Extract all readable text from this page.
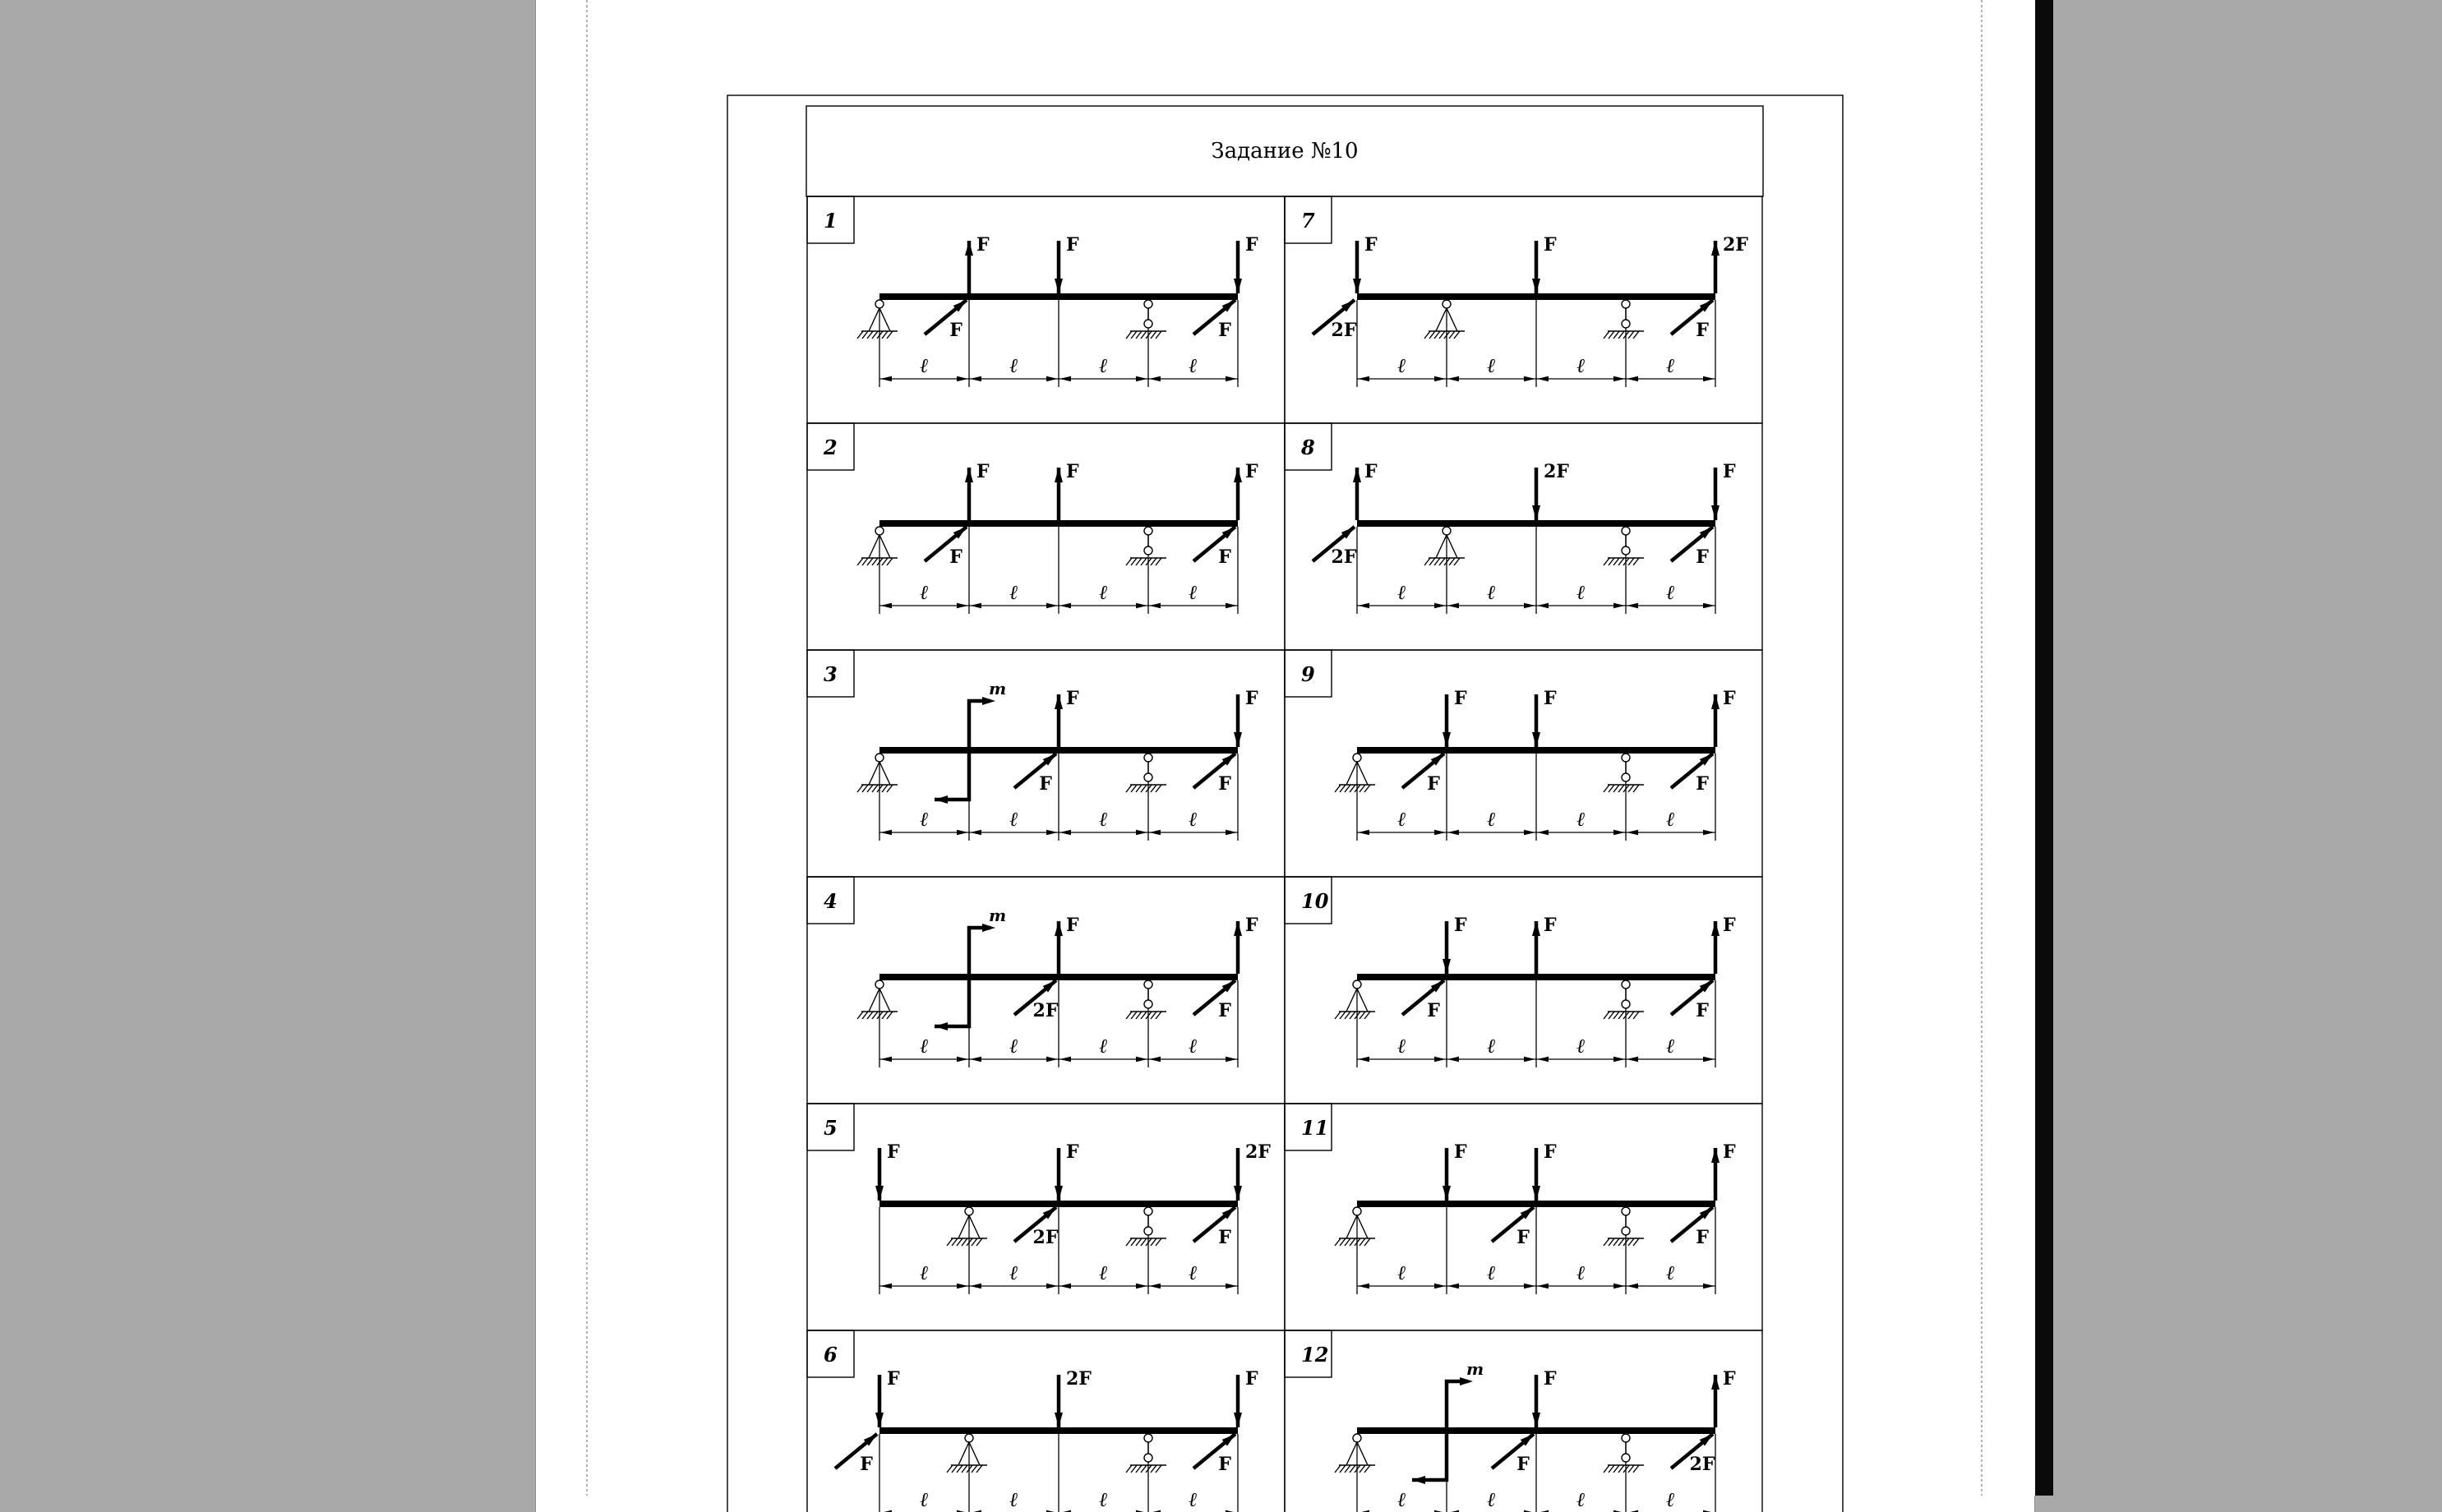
Задание №10
1
ℓ	ℓ	ℓ	ℓ
F	F	F
F	F
7
ℓ	ℓ	ℓ	ℓ
F	F	2F
2F	F
2
ℓ	ℓ	ℓ	ℓ
F	F	F
F	F
8
ℓ	ℓ	ℓ	ℓ
F	2F	F
2F	F
3
ℓ	ℓ	ℓ	ℓ
m	F	F
F	F
9
ℓ	ℓ	ℓ	ℓ
F	F	F
F	F
4
ℓ	ℓ	ℓ	ℓ
m	F	F
2F	F
10
ℓ	ℓ	ℓ	ℓ
F	F	F
F	F
5
ℓ	ℓ	ℓ	ℓ
F	F	2F
2F	F
11
ℓ	ℓ	ℓ	ℓ
F	F	F
F	F
6
ℓ	ℓ	ℓ	ℓ
F	2F	F
F	F
12
ℓ	ℓ	ℓ	ℓ
m	F	F
F	2F
